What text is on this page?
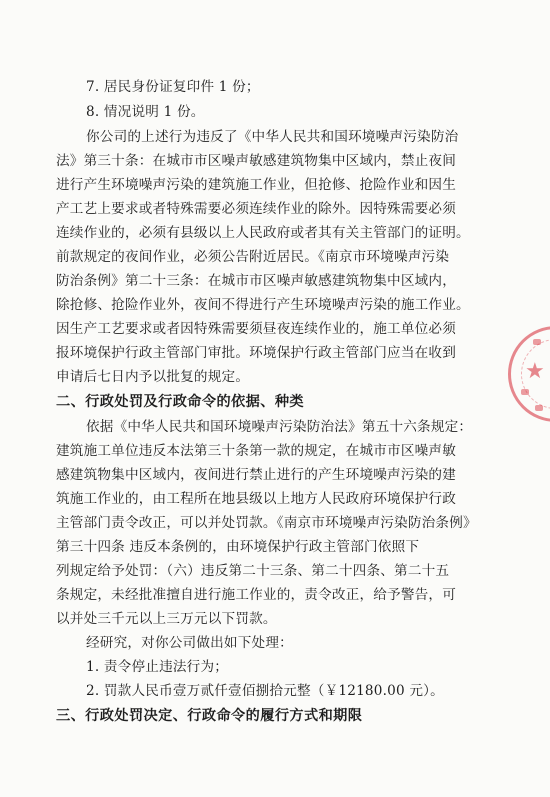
7. 居民身份证复印件 1 份；
8. 情况说明 1 份。
你公司的上述行为违反了《中华人民共和国环境噪声污染防治
法》第三十条：在城市市区噪声敏感建筑物集中区域内，禁止夜间
进行产生环境噪声污染的建筑施工作业，但抢修、抢险作业和因生
产工艺上要求或者特殊需要必须连续作业的除外。因特殊需要必须
连续作业的，必须有县级以上人民政府或者其有关主管部门的证明。
前款规定的夜间作业，必须公告附近居民。《南京市环境噪声污染
防治条例》第二十三条：在城市市区噪声敏感建筑物集中区域内，
除抢修、抢险作业外，夜间不得进行产生环境噪声污染的施工作业。
因生产工艺要求或者因特殊需要须昼夜连续作业的，施工单位必须
报环境保护行政主管部门审批。环境保护行政主管部门应当在收到
申请后七日内予以批复的规定。
二、行政处罚及行政命令的依据、种类
依据《中华人民共和国环境噪声污染防治法》第五十六条规定：
建筑施工单位违反本法第三十条第一款的规定，在城市市区噪声敏
感建筑物集中区域内，夜间进行禁止进行的产生环境噪声污染的建
筑施工作业的，由工程所在地县级以上地方人民政府环境保护行政
主管部门责令改正，可以并处罚款。《南京市环境噪声污染防治条例》
第三十四条 违反本条例的，由环境保护行政主管部门依照下
列规定给予处罚：（六）违反第二十三条、第二十四条、第二十五
条规定，未经批准擅自进行施工作业的，责令改正，给予警告，可
以并处三千元以上三万元以下罚款。
经研究，对你公司做出如下处理：
1. 责令停止违法行为；
2. 罚款人民币壹万贰仟壹佰捌拾元整（￥12180.00 元）。
三、行政处罚决定、行政命令的履行方式和期限
★
